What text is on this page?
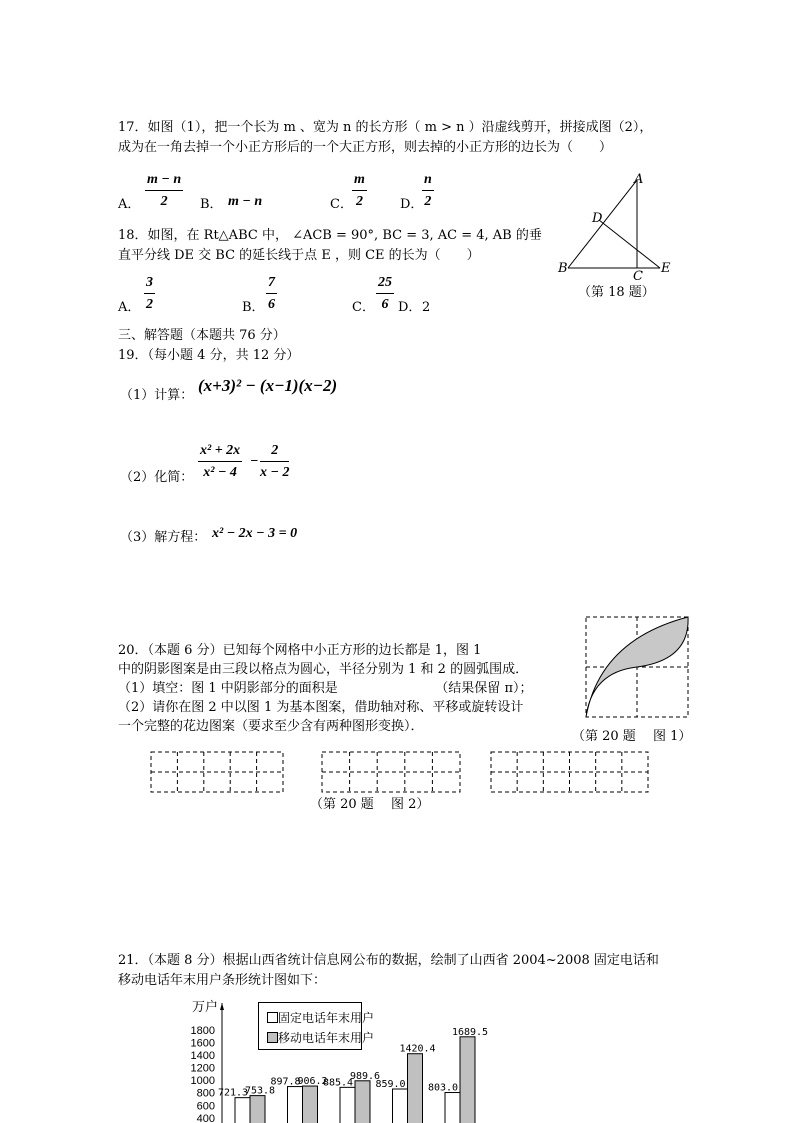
17．如图（1），把一个长为 m 、宽为 n 的长方形（ m > n ）沿虚线剪开，拼接成图（2），
成为在一角去掉一个小正方形后的一个大正方形，则去掉的小正方形的边长为（　　）
A． $\frac{m - n}{2}$ B． m − n	C． $\frac{m}{2}$	D．
$\frac{n}{2}$
18．如图，在 Rt△ABC 中， ∠ACB = 90°, BC = 3, AC = 4, AB 的垂
直平分线 DE 交 BC 的延长线于点 E ，则 CE 的长为（　　）
A． $\frac{3}{2}$	B． $\frac{7}{6}$	C． $\frac{25}{6}$ D． 2
400
600
800
1000
1200
1400
1600
1800
721.3
753.8
897.8
906.2
885.4
989.6
859.0
1420.4
803.0
1689.5
A
B
C
D
E
（第 18 题）
三、解答题（本题共 76 分）
19．（每小题 4 分，共 12 分）
（1）计算：
(x+3)² − (x−1)(x−2)
（2）化简： $\frac{\text{x² + 2x}}{\text{x² − 4}} - \frac{2}{x - 2}$
（3）解方程： x² − 2x − 3 = 0
20．（本题 6 分）已知每个网格中小正方形的边长都是 1，图 1
中的阴影图案是由三段以格点为圆心，半径分别为 1 和 2 的圆弧围成．
（1）填空：图 1 中阴影部分的面积是　　　　　　　　（结果保留 π）；
（2）请你在图 2 中以图 1 为基本图案，借助轴对称、平移或旋转设计
一个完整的花边图案（要求至少含有两种图形变换）．
（第 20 题　 图 1）
（第 20 题　 图 2）
21．（本题 8 分）根据山西省统计信息网公布的数据，绘制了山西省 2004~2008 固定电话和
移动电话年末用户条形统计图如下：
万户
固定电话年末用户
移动电话年末用户
